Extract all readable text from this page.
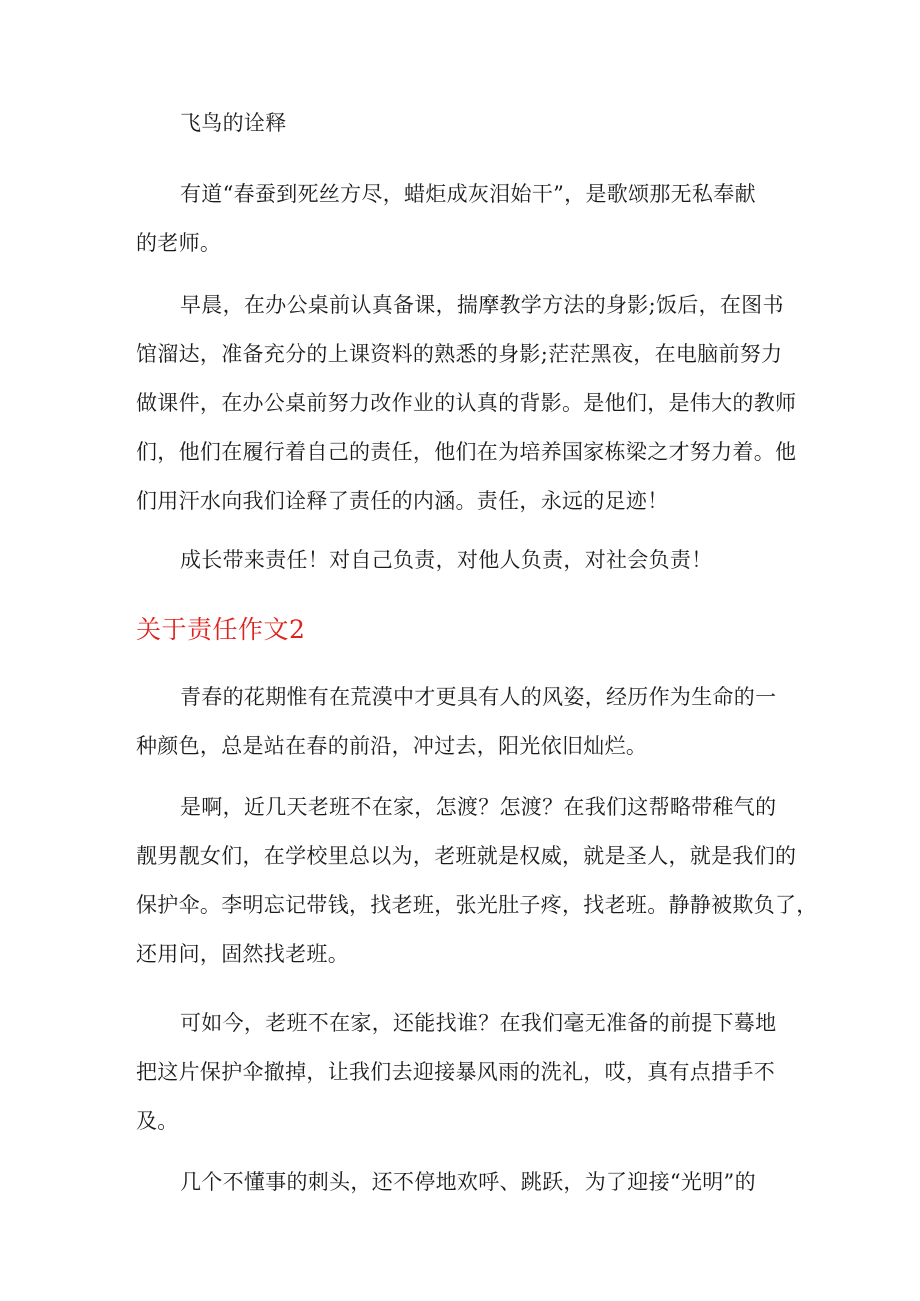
飞鸟的诠释
有道“春蚕到死丝方尽，蜡炬成灰泪始干”，是歌颂那无私奉献
的老师。
早晨，在办公桌前认真备课，揣摩教学方法的身影;饭后，在图书
馆溜达，准备充分的上课资料的熟悉的身影;茫茫黑夜，在电脑前努力
做课件，在办公桌前努力改作业的认真的背影。是他们，是伟大的教师
们，他们在履行着自己的责任，他们在为培养国家栋梁之才努力着。他
们用汗水向我们诠释了责任的内涵。责任，永远的足迹！
成长带来责任！对自己负责，对他人负责，对社会负责！
关于责任作文2
青春的花期惟有在荒漠中才更具有人的风姿，经历作为生命的一
种颜色，总是站在春的前沿，冲过去，阳光依旧灿烂。
是啊，近几天老班不在家，怎渡？怎渡？在我们这帮略带稚气的
靓男靓女们，在学校里总以为，老班就是权威，就是圣人，就是我们的
保护伞。李明忘记带钱，找老班，张光肚子疼，找老班。静静被欺负了，
还用问，固然找老班。
可如今，老班不在家，还能找谁？在我们毫无准备的前提下蓦地
把这片保护伞撤掉，让我们去迎接暴风雨的洗礼，哎，真有点措手不
及。
几个不懂事的刺头，还不停地欢呼、跳跃，为了迎接“光明”的
